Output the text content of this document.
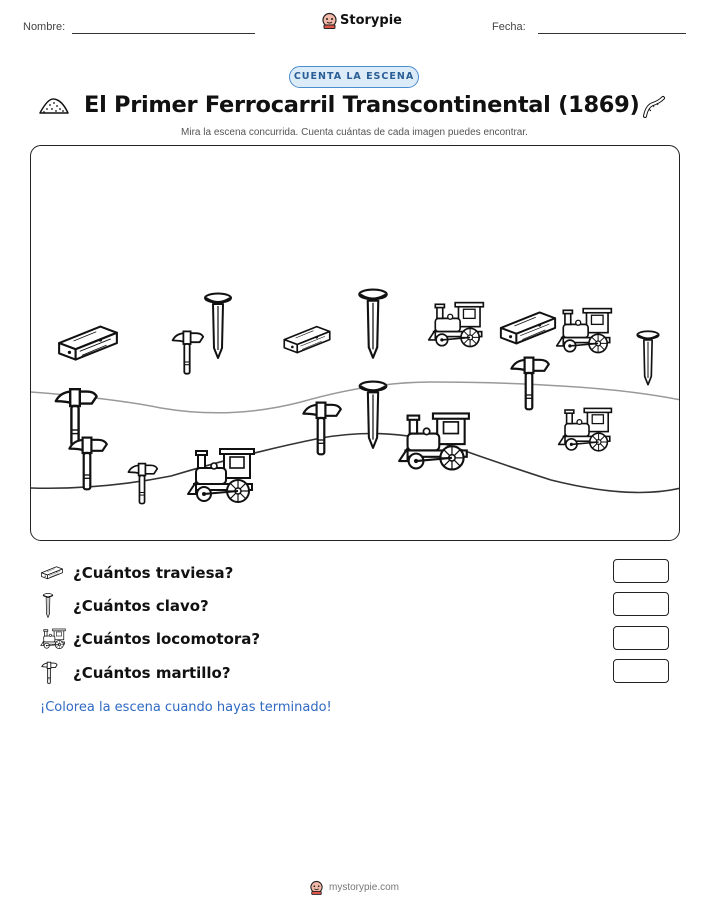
Nombre:	Storypie	Fecha:
CUENTA LA ESCENA
El Primer Ferrocarril Transcontinental (1869)
Mira la escena concurrida. Cuenta cuántas de cada imagen puedes encontrar.
¿Cuántos traviesa?
¿Cuántos clavo?
¿Cuántos locomotora?
¿Cuántos martillo?
¡Colorea la escena cuando hayas terminado!
mystorypie.com
